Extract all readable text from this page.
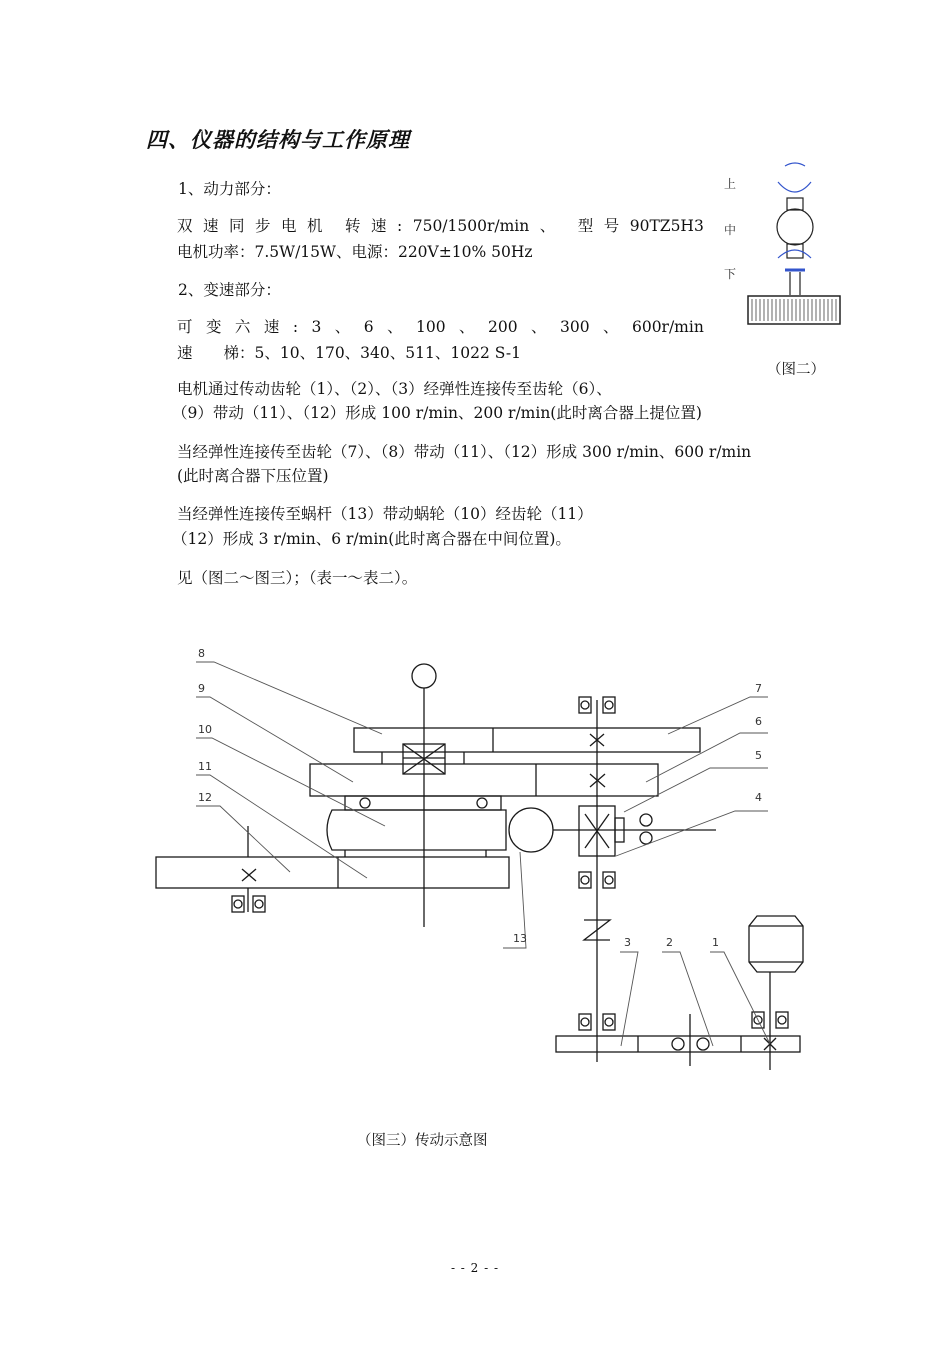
四、仪器的结构与工作原理
1、动力部分：
双 速 同 步 电 机 转 速 : 750/1500r/min 、 型 号 90TZ5H3
电机功率：7.5W/15W、电源：220V±10% 50Hz
2、变速部分：
可 变 六 速 : 3 、 6 、 100 、 200 、 300 、 600r/min
速　　梯：5、10、170、340、511、1022 S-1
电机通过传动齿轮（1）、（2）、（3）经弹性连接传至齿轮（6）、
（9）带动（11）、（12）形成 100 r/min、200 r/min(此时离合器上提位置)
当经弹性连接传至齿轮（7）、（8）带动（11）、（12）形成 300 r/min、600 r/min
(此时离合器下压位置)
当经弹性连接传至蜗杆（13）带动蜗轮（10）经齿轮（11）
（12）形成 3 r/min、6 r/min(此时离合器在中间位置)。
见（图二～图三）；（表一～表二）。
上
中
下
（图二）
8
9
10
11
12
7
6
5
4
13	3	2	1
（图三）传动示意图
- - 2 - -
